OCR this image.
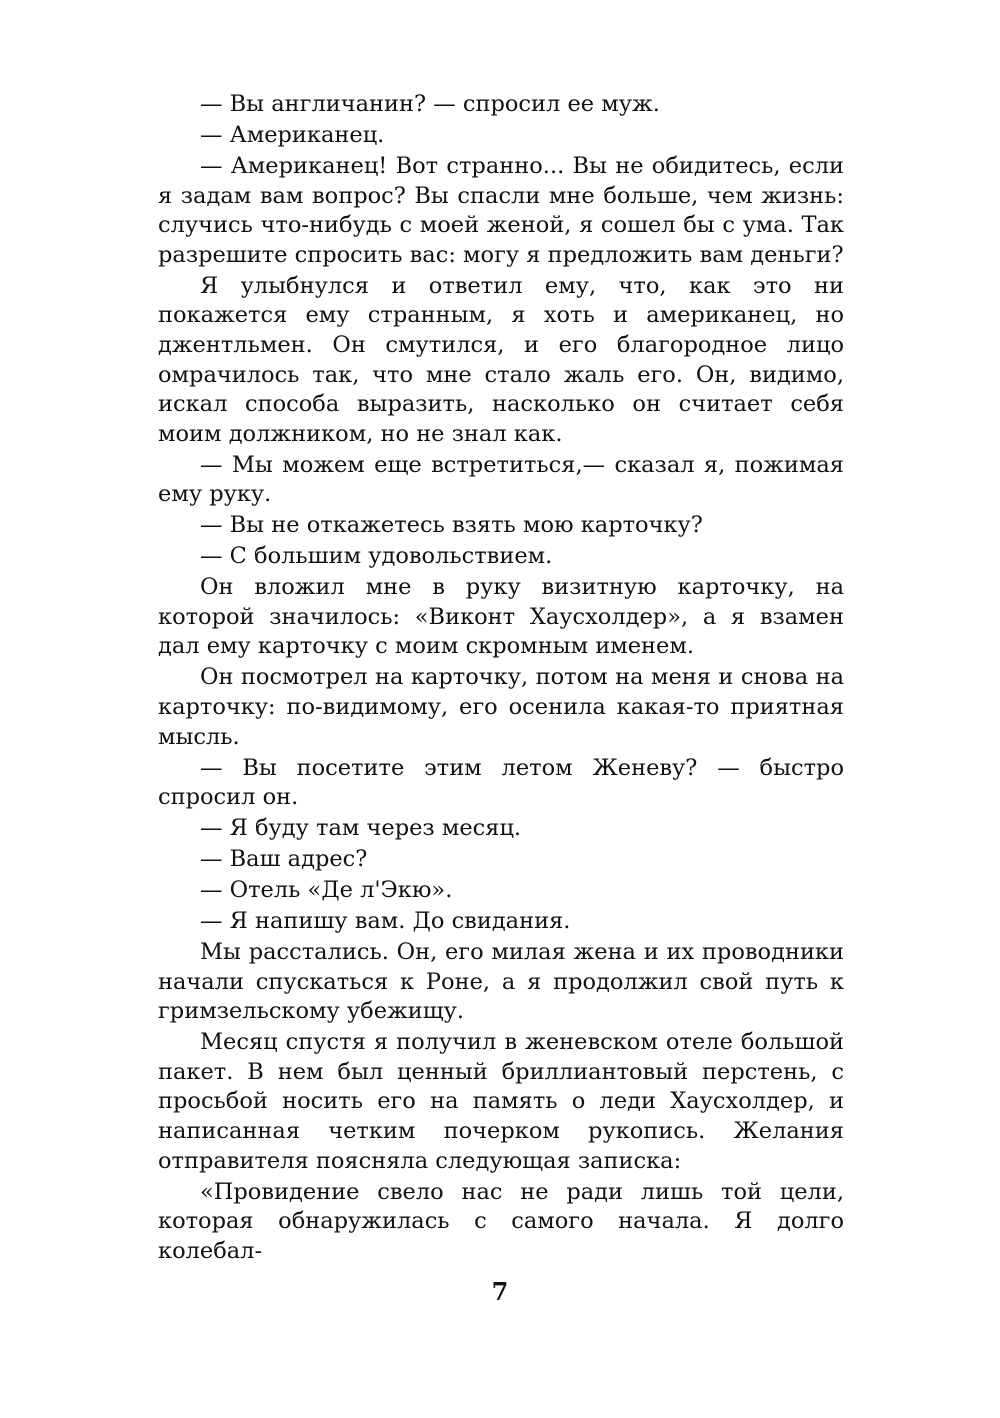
— Вы англичанин? — спросил ее муж.

— Американец.

— Американец! Вот странно... Вы не обидитесь, если я задам вам вопрос? Вы спасли мне больше, чем жизнь: случись что-нибудь с моей женой, я сошел бы с ума. Так разрешите спросить вас: могу я предложить вам деньги?

Я улыбнулся и ответил ему, что, как это ни покажется ему странным, я хоть и американец, но джентльмен. Он смутился, и его благородное лицо омрачилось так, что мне стало жаль его. Он, видимо, искал способа выразить, насколько он считает себя моим должником, но не знал как.

— Мы можем еще встретиться,— сказал я, пожимая ему руку.

— Вы не откажетесь взять мою карточку?

— С большим удовольствием.

Он вложил мне в руку визитную карточку, на которой значилось: «Виконт Хаусхолдер», а я взамен дал ему карточку с моим скромным именем.

Он посмотрел на карточку, потом на меня и снова на карточку: по-видимому, его осенила какая-то приятная мысль.

— Вы посетите этим летом Женеву? — быстро спросил он.

— Я буду там через месяц.

— Ваш адрес?

— Отель «Де л'Экю».

— Я напишу вам. До свидания.

Мы расстались. Он, его милая жена и их проводники начали спускаться к Роне, а я продолжил свой путь к гримзельскому убежищу.

Месяц спустя я получил в женевском отеле большой пакет. В нем был ценный бриллиантовый перстень, с просьбой носить его на память о леди Хаусхолдер, и написанная четким почерком рукопись. Желания отправителя поясняла следующая записка:

«Провидение свело нас не ради лишь той цели, которая обнаружилась с самого начала. Я долго колебал-

7
